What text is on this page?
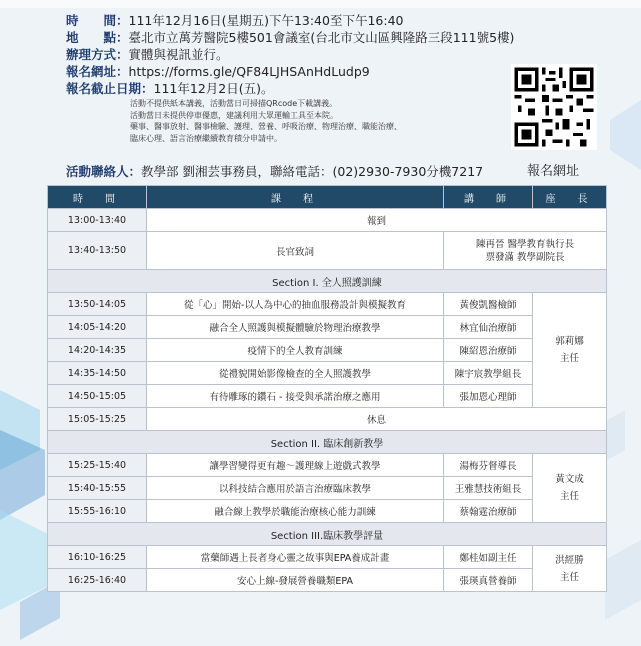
時　　間：111年12月16日(星期五)下午13:40至下午16:40
地　　點：臺北市立萬芳醫院5樓501會議室(台北市文山區興隆路三段111號5樓)
辦理方式：實體與視訊並行。
報名網址：https://forms.gle/QF84LJHSAnHdLudp9
報名截止日期：111年12月2日(五)。
活動不提供紙本講義，活動當日可掃描QRcode下載講義。
活動當日未提供停車優惠，建議利用大眾運輸工具至本院。
藥事、醫事放射、醫事檢驗、護理、營養、呼吸治療、物理治療、職能治療、
臨床心理、語言治療繼續教育積分申請中。
活動聯絡人：教學部 劉湘芸事務員，聯絡電話：(02)2930-7930分機7217	報名網址
時　間	課　程	講　師	座　長
13:00-13:40	報到		
13:40-13:50	長官致詞	陳再晉 醫學教育執行長
票發滿 教學副院長	

Section I. 全人照護訓練			
13:50-14:05	從「心」開始-以人為中心的抽血服務設計與模擬教育	黃俊凱醫檢師	郭莉娜
主任

14:05-14:20	融合全人照護與模擬體驗於物理治療教學	林宜仙治療師	
14:20-14:35	疫情下的全人教育訓練	陳紹恩治療師	
14:35-14:50	從禮貌開始影像檢查的全人照護教學	陳宇宸教學組長	
14:50-15:05	有待雕琢的鑽石 - 接受與承諾治療之應用	張加恩心理師	
15:05-15:25	休息		
Section II. 臨床創新教學			
15:25-15:40	讓學習變得更有趣～護理線上遊戲式教學	湯梅芬督導長	黃文成
主任

15:40-15:55	以科技結合應用於語言治療臨床教學	王雅慧技術組長	
15:55-16:10	融合線上教學於職能治療核心能力訓練	蔡翰霆治療師	
Section III.臨床教學評量			
16:10-16:25	當藥師遇上長者身心靈之故事與EPA養成計畫	鄭桂如副主任	洪經勝
主任

16:25-16:40	安心上線-發展營養職類EPA	張瑛真營養師	
